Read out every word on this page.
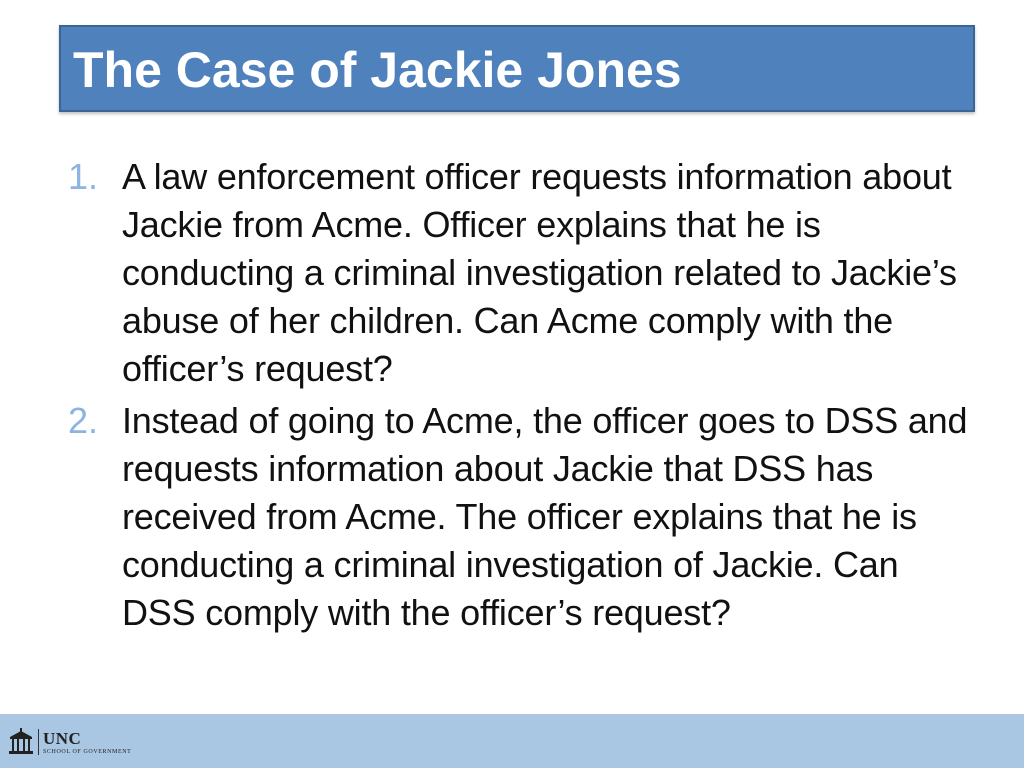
The Case of Jackie Jones
1. A law enforcement officer requests information about Jackie from Acme. Officer explains that he is conducting a criminal investigation related to Jackie’s abuse of her children. Can Acme comply with the officer’s request?
2. Instead of going to Acme, the officer goes to DSS and requests information about Jackie that DSS has received from Acme. The officer explains that he is conducting a criminal investigation of Jackie. Can DSS comply with the officer’s request?
UNC
SCHOOL OF GOVERNMENT
